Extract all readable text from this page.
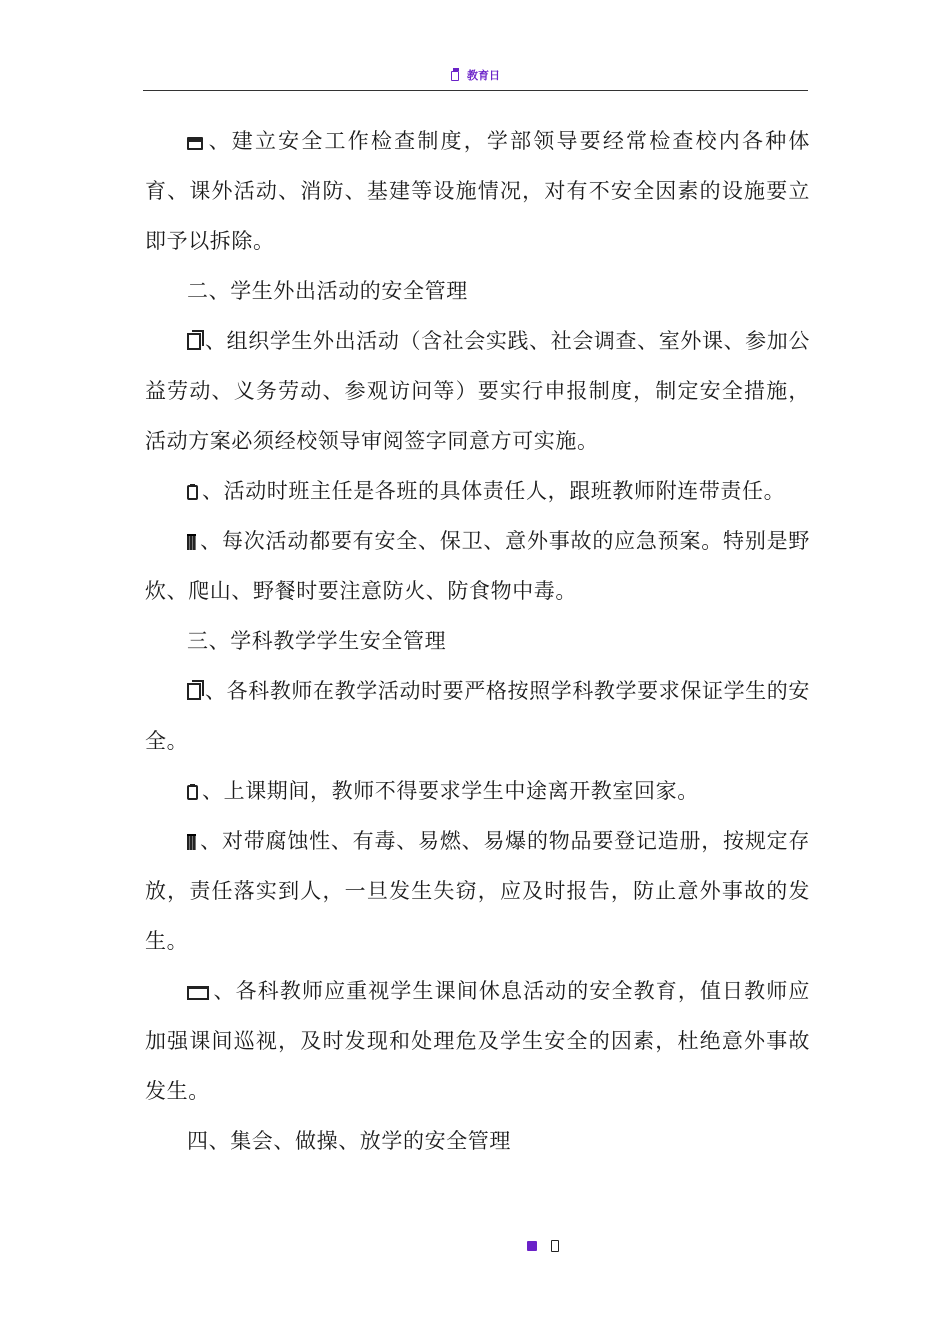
教育日

、建立安全工作检查制度，学部领导要经常检查校内各种体育、课外活动、消防、基建等设施情况，对有不安全因素的设施要立即予以拆除。

二、学生外出活动的安全管理

、组织学生外出活动（含社会实践、社会调查、室外课、参加公益劳动、义务劳动、参观访问等）要实行申报制度，制定安全措施，活动方案必须经校领导审阅签字同意方可实施。

、活动时班主任是各班的具体责任人，跟班教师附连带责任。

、每次活动都要有安全、保卫、意外事故的应急预案。特别是野炊、爬山、野餐时要注意防火、防食物中毒。

三、学科教学学生安全管理

、各科教师在教学活动时要严格按照学科教学要求保证学生的安全。

、上课期间，教师不得要求学生中途离开教室回家。

、对带腐蚀性、有毒、易燃、易爆的物品要登记造册，按规定存放，责任落实到人，一旦发生失窃，应及时报告，防止意外事故的发生。

、各科教师应重视学生课间休息活动的安全教育，值日教师应加强课间巡视，及时发现和处理危及学生安全的因素，杜绝意外事故发生。

四、集会、做操、放学的安全管理
